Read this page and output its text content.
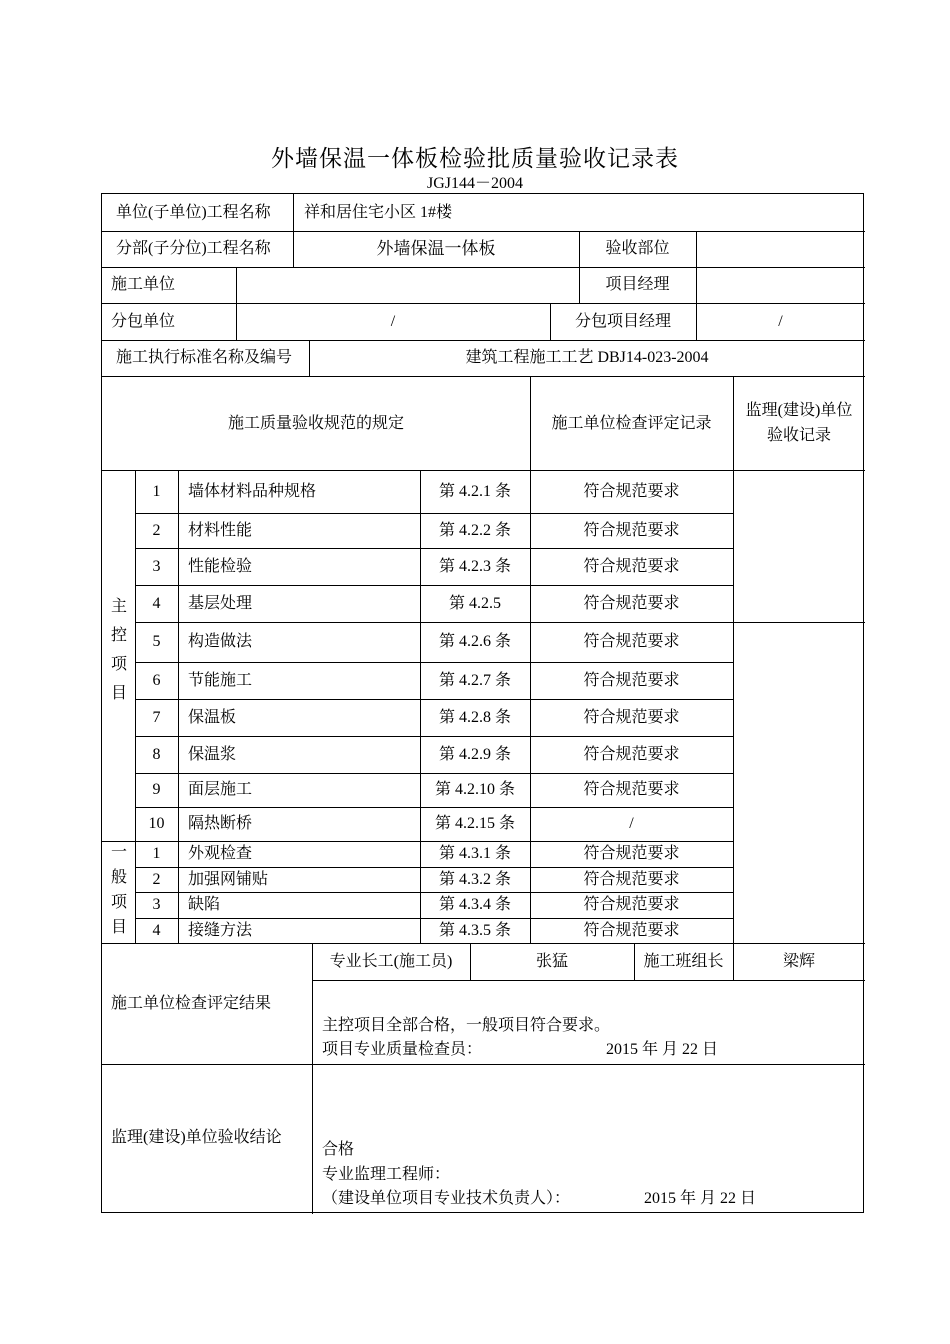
外墙保温一体板检验批质量验收记录表
JGJ144－2004
单位(子单位)工程名称 祥和居住宅小区 1#楼
分部(子分位)工程名称	外墙保温一体板	验收部位
施工单位	项目经理
分包单位	/	分包项目经理	/
施工执行标准名称及编号	建筑工程施工工艺 DBJ14-023-2004
施工质量验收规范的规定	施工单位检查评定记录
监理(建设)单位
验收记录
主
控
项
目
一
般
项
目
1	墙体材料品种规格	第 4.2.1 条	符合规范要求
2	材料性能	第 4.2.2 条	符合规范要求
3	性能检验	第 4.2.3 条	符合规范要求
4	基层处理	第 4.2.5	符合规范要求
5	构造做法	第 4.2.6 条	符合规范要求
6	节能施工	第 4.2.7 条	符合规范要求
7	保温板	第 4.2.8 条	符合规范要求
8	保温浆	第 4.2.9 条	符合规范要求
9	面层施工	第 4.2.10 条	符合规范要求
10	隔热断桥	第 4.2.15 条	/
1	外观检查	第 4.3.1 条	符合规范要求
2	加强网铺贴	第 4.3.2 条	符合规范要求
3	缺陷	第 4.3.4 条	符合规范要求
4	接缝方法	第 4.3.5 条	符合规范要求
专业长工(施工员)	张猛	施工班组长	梁辉
施工单位检查评定结果
主控项目全部合格，一般项目符合要求。
项目专业质量检查员：	2015 年 月 22 日
监理(建设)单位验收结论
合格
专业监理工程师：
（建设单位项目专业技术负责人）：	2015 年 月 22 日
